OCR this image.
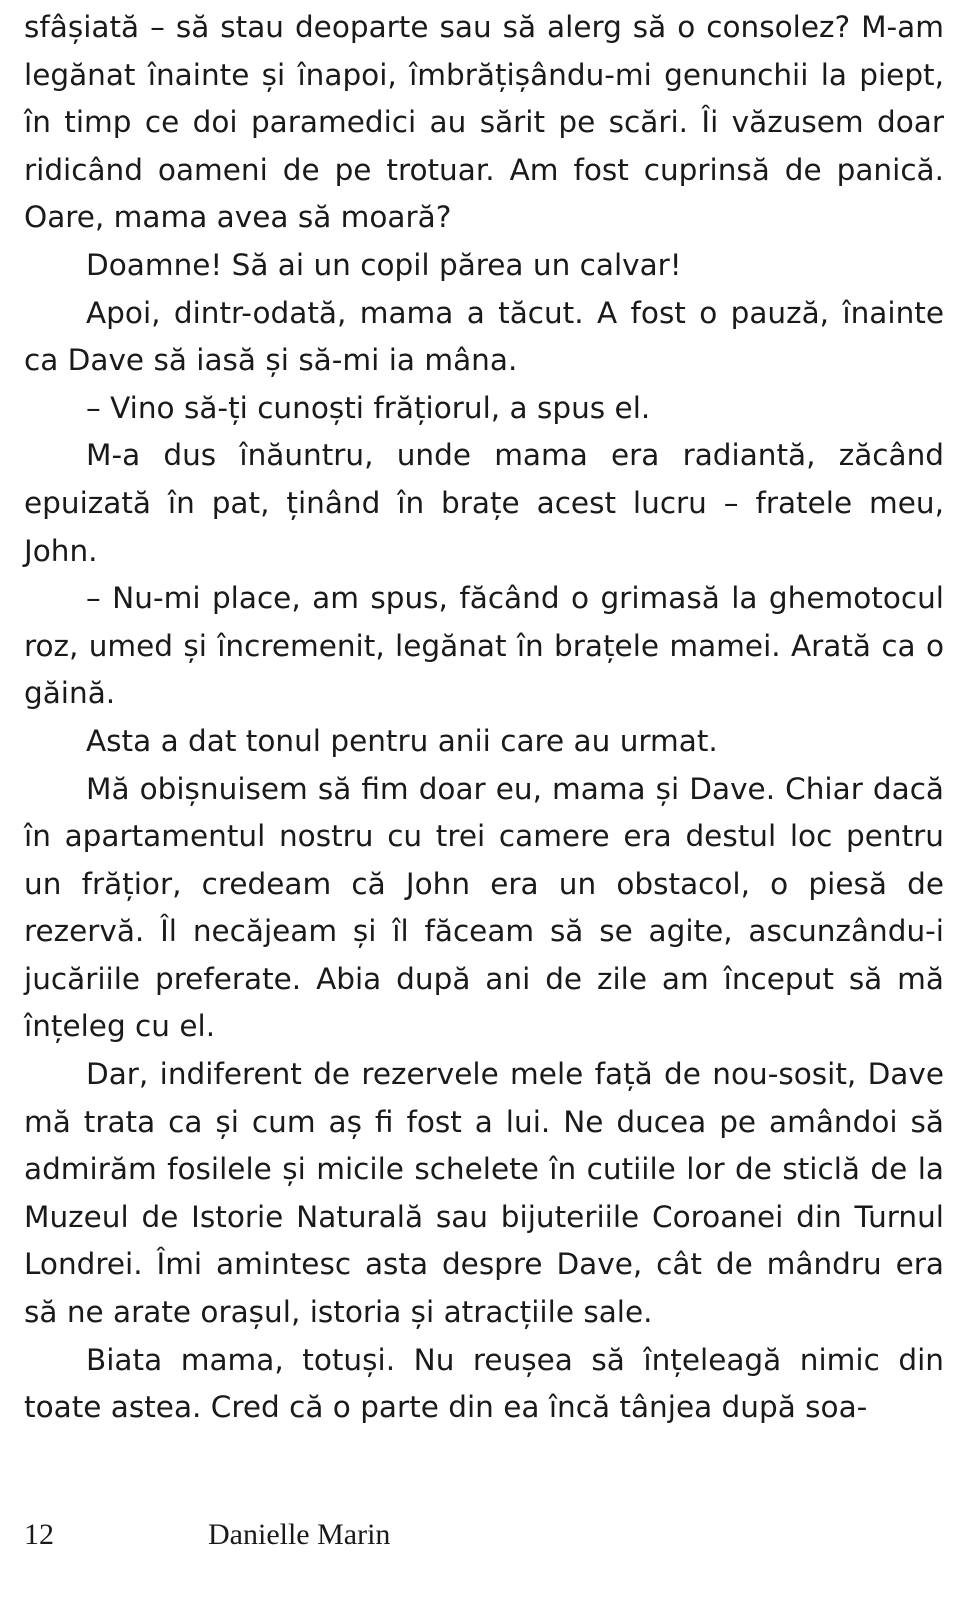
sfâșiată – să stau deoparte sau să alerg să o consolez? M-am legănat înainte și înapoi, îmbrățișându-mi genunchii la piept, în timp ce doi paramedici au sărit pe scări. Îi văzusem doar ridicând oameni de pe trotuar. Am fost cuprinsă de panică. Oare, mama avea să moară?

Doamne! Să ai un copil părea un calvar!

Apoi, dintr-odată, mama a tăcut. A fost o pauză, înainte ca Dave să iasă și să-mi ia mâna.

– Vino să-ți cunoști frățiorul, a spus el.

M-a dus înăuntru, unde mama era radiantă, zăcând epuizată în pat, ținând în brațe acest lucru – fratele meu, John.

– Nu-mi place, am spus, făcând o grimasă la ghemotocul roz, umed și încremenit, legănat în brațele mamei. Arată ca o găină.

Asta a dat tonul pentru anii care au urmat.

Mă obișnuisem să fim doar eu, mama și Dave. Chiar dacă în apartamentul nostru cu trei camere era destul loc pentru un frățior, credeam că John era un obstacol, o piesă de rezervă. Îl necăjeam și îl făceam să se agite, ascunzându-i jucăriile preferate. Abia după ani de zile am început să mă înțeleg cu el.

Dar, indiferent de rezervele mele față de nou-sosit, Dave mă trata ca și cum aș fi fost a lui. Ne ducea pe amândoi să admirăm fosilele și micile schelete în cutiile lor de sticlă de la Muzeul de Istorie Naturală sau bijuteriile Coroanei din Turnul Londrei. Îmi amintesc asta despre Dave, cât de mândru era să ne arate orașul, istoria și atracțiile sale.

Biata mama, totuși. Nu reușea să înțeleagă nimic din toate astea. Cred că o parte din ea încă tânjea după soa-

12	Danielle Marin
